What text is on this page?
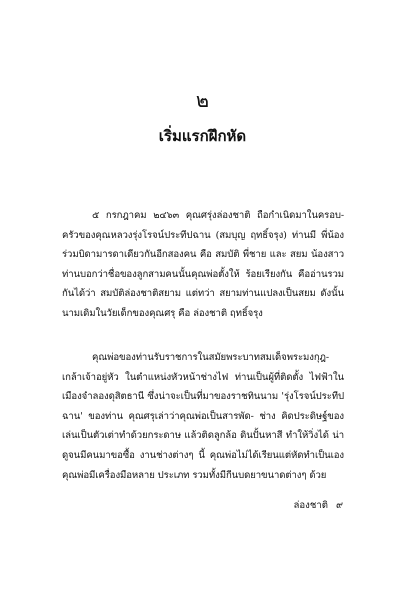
๒
เริ่มแรกฝึกหัด

๕ กรกฎาคม ๒๔๖๓ คุณศรุ่งล่องชาติ ถือกำเนิดมาในครอบ- ครัวของคุณหลวงรุ่งโรจน์ประทีปฉาน (สมบุญ ฤทธิ์จรุง) ท่านมี พี่น้องร่วมบิดามารดาเดียวกันอีกสองคน คือ สมบัติ พี่ชาย และ สยม น้องสาว ท่านบอกว่าชื่อของลูกสามคนนั้นคุณพ่อตั้งให้ ร้อยเรียงกัน คืออ่านรวมกันได้ว่า สมบัติล่องชาติสยาม แต่ทว่า สยามท่านแปลงเป็นสยม ดังนั้นนามเดิมในวัยเด็กของคุณศรุ คือ ล่องชาติ ฤทธิ์จรุง

คุณพ่อของท่านรับราชการในสมัยพระบาทสมเด็จพระมงกุฎ- เกล้าเจ้าอยู่หัว ในตำแหน่งหัวหน้าช่างไฟ ท่านเป็นผู้ที่ติดตั้ง ไฟฟ้าในเมืองจำลองดุสิตธานี ซึ่งน่าจะเป็นที่มาของราชทินนาม 'รุ่งโรจน์ประทีปฉาน' ของท่าน คุณศรุเล่าว่าคุณพ่อเป็นสารพัด- ช่าง คิดประดิษฐ์ของเล่นเป็นตัวเต่าทำด้วยกระดาษ แล้วติดลูกล้อ ดินปั้นหาสี ทำให้วิ่งได้ น่าดูจนมีคนมาขอซื้อ งานช่างต่างๆ นี้ คุณพ่อไม่ได้เรียนแต่หัดทำเป็นเอง คุณพ่อมีเครื่องมือหลาย ประเภท รวมทั้งมีกีนบดยาขนาดต่างๆ ด้วย

ล่องชาติ ๙
